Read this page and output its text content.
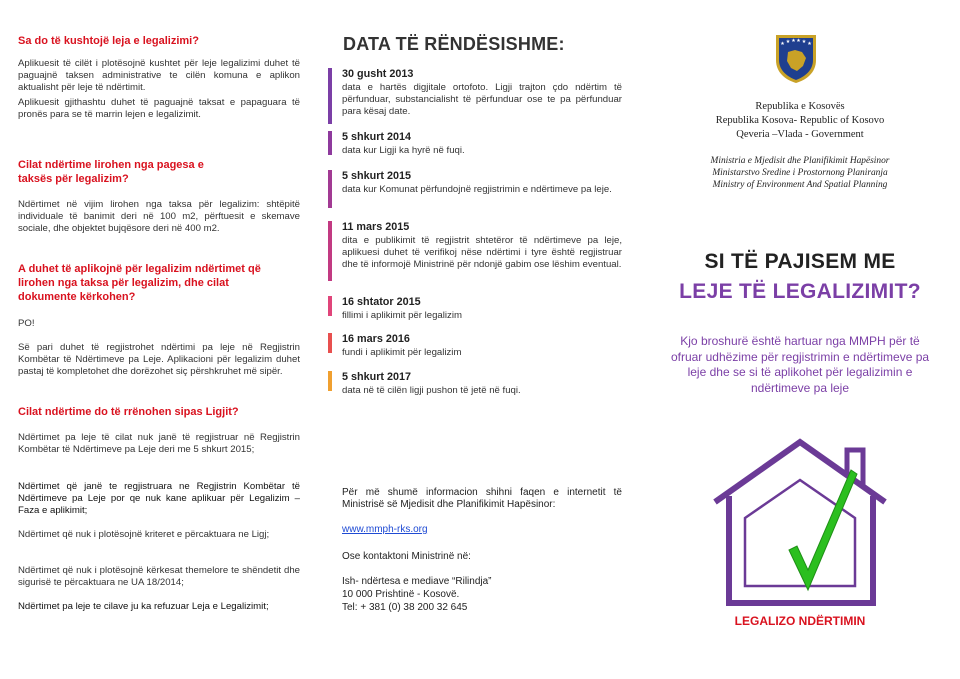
Sa do të kushtojë leja e legalizimi?
Aplikuesit të cilët i plotësojnë kushtet për leje legalizimi duhet të paguajnë taksen administrative te cilën komuna e aplikon aktualisht për leje të ndërtimit.
Aplikuesit gjithashtu duhet të paguajnë taksat e papaguara të pronës para se të marrin lejen e legalizimit.
Cilat ndërtime lirohen nga pagesa e taksës për legalizim?
Ndërtimet në vijim lirohen nga taksa për legalizim: shtëpitë individuale të banimit deri në 100 m2, përftuesit e skemave sociale, dhe objektet bujqësore deri në 400 m2.
A duhet të aplikojnë për legalizim ndërtimet që lirohen nga taksa për legalizim, dhe cilat dokumente kërkohen?
PO!
Së pari duhet të regjistrohet ndërtimi pa leje në Regjistrin Kombëtar të Ndërtimeve pa Leje. Aplikacioni për legalizim duhet pastaj të kompletohet dhe dorëzohet siç përshkruhet më sipër.
Cilat ndërtime do të rrënohen sipas Ligjit?
Ndërtimet pa leje të cilat nuk janë të regjistruar në Regjistrin Kombëtar të Ndërtimeve pa Leje deri me 5 shkurt 2015;
Ndërtimet që janë te regjistruara ne Regjistrin Kombëtar të Ndërtimeve pa Leje por qe nuk kane aplikuar për Legalizim – Faza e aplikimit;
Ndërtimet që nuk i plotësojnë kriteret e përcaktuara ne Ligj;
Ndërtimet që nuk i plotësojnë kërkesat themelore te shëndetit dhe sigurisë te përcaktuara ne UA 18/2014;
Ndërtimet pa leje te cilave ju ka refuzuar Leja e Legalizimit;
DATA TË RËNDËSISHME:
30 gusht 2013
data e hartës digjitale ortofoto. Ligji trajton çdo ndërtim të përfunduar, substancialisht të përfunduar ose te pa përfunduar para kësaj date.
5 shkurt 2014
data kur Ligji ka hyrë në fuqi.
5 shkurt 2015
data kur Komunat përfundojnë regjistrimin e ndërtimeve pa leje.
11 mars 2015
dita e publikimit të regjistrit shtetëror të ndërtimeve pa leje, aplikuesi duhet të verifikoj nëse ndërtimi i tyre është regjistruar dhe të informojë Ministrinë për ndonjë gabim ose lëshim eventual.
16 shtator 2015
fillimi i aplikimit për legalizim
16 mars 2016
fundi i aplikimit për legalizim
5 shkurt 2017
data në të cilën ligji pushon të jetë në fuqi.
Për më shumë informacion shihni faqen e internetit të Ministrisë së Mjedisit dhe Planifikimit Hapësinor:
www.mmph-rks.org
Ose kontaktoni Ministrinë në:
Ish- ndërtesa e mediave “Rilindja”
10 000 Prishtinë - Kosovë.
Tel: + 381 (0) 38 200 32 645
★ ★ ★ ★ ★ ★
Republika e Kosovës
Republika Kosova- Republic of Kosovo
Qeveria –Vlada - Government
Ministria e Mjedisit dhe Planifikimit Hapësinor
Ministarstvo Sredine i Prostornong Planiranja
Ministry of Environment And Spatial Planning
SI TË PAJISEM ME
LEJE TË LEGALIZIMIT?
Kjo broshurë është hartuar nga MMPH për të ofruar udhëzime për regjistrimin e ndërtimeve pa leje dhe se si të aplikohet për legalizimin e ndërtimeve pa leje
LEGALIZO NDËRTIMIN
